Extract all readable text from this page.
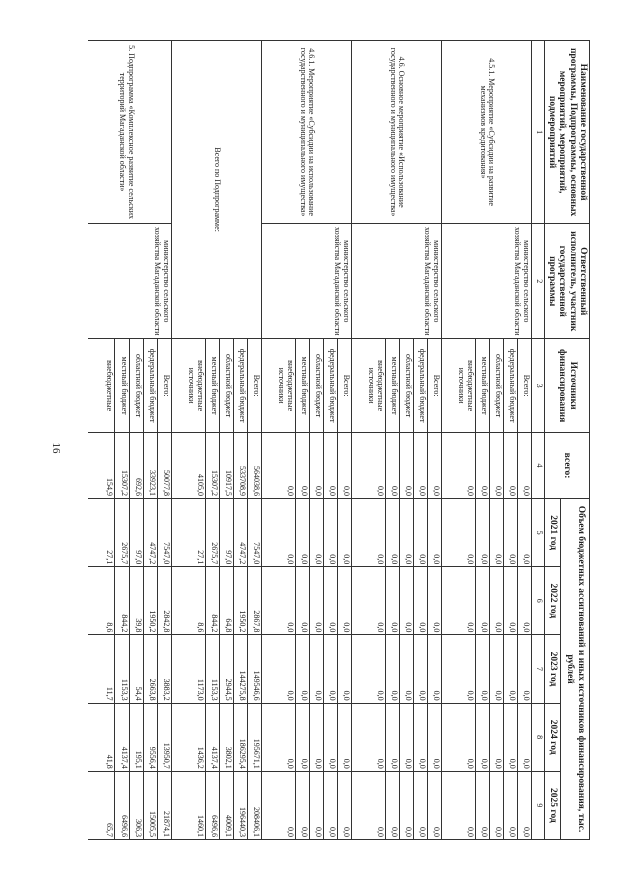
16
Наименование государственной программы, Подпрограммы, основных мероприятий, мероприятий, подмероприятий	Ответственный исполнитель, участник государственной программы	Источники финансирования	всего:	Объем бюджетных ассигнований и иных источников финансирования, тыс. рублей				
				2021 год	2022 год	2023 год	2024 год	2025 год
1	2	3	4	5	6	7	8	9
4.5.1. Мероприятие «Субсидии на развитие механизмов кредитования»	министерство сельского хозяйства Магаданской области	Всего:	0,0	0,0	0,0	0,0	0,0	0,0
		федеральный бюджет	0,0	0,0	0,0	0,0	0,0	0,0
		областной бюджет	0,0	0,0	0,0	0,0	0,0	0,0
		местный бюджет	0,0	0,0	0,0	0,0	0,0	0,0
		внебюджетные источники	0,0	0,0	0,0	0,0	0,0	0,0
4.6. Основное мероприятие «Использование государственного и муниципального имущества»	министерство сельского хозяйства Магаданской области	Всего:	0,0	0,0	0,0	0,0	0,0	0,0
		федеральный бюджет	0,0	0,0	0,0	0,0	0,0	0,0
		областной бюджет	0,0	0,0	0,0	0,0	0,0	0,0
		местный бюджет	0,0	0,0	0,0	0,0	0,0	0,0
		внебюджетные источники	0,0	0,0	0,0	0,0	0,0	0,0
4.6.1. Мероприятие «Субсидии на использование государственного и муниципального имущества»	министерство сельского хозяйства Магаданской области	Всего:	0,0	0,0	0,0	0,0	0,0	0,0
		федеральный бюджет	0,0	0,0	0,0	0,0	0,0	0,0
		областной бюджет	0,0	0,0	0,0	0,0	0,0	0,0
		местный бюджет	0,0	0,0	0,0	0,0	0,0	0,0
		внебюджетные источники	0,0	0,0	0,0	0,0	0,0	0,0
Всего по Подпрограмме:		Всего:	564038,6	7547,0	2867,8	149546,6	195671,1	208406,1
		федеральный бюджет	533708,9	4747,2	1950,2	144275,8	186295,4	196440,3
		областной бюджет	10917,5	97,0	64,8	2944,5	3802,1	4009,1
		местный бюджет	15307,2	2675,7	844,2	1153,3	4137,4	6496,6
		внебюджетные источники	4105,0	27,1	8,6	1173,0	1436,2	1460,1
5. Подпрограмма «Комплексное развитие сельских территорий Магаданской области»	министерство сельского хозяйства Магаданской области	Всего:	50077,8	7547,0	2842,8	3883,2	13950,7	21874,1
		федеральный бюджет	33923,1	4747,2	1950,2	2663,8	9556,4	15005,5
		областной бюджет	692,6	97,0	39,8	54,4	195,1	306,3
		местный бюджет	15307,2	2675,7	844,2	1153,3	4137,4	6496,6
		внебюджетные	154,9	27,1	8,6	11,7	41,8	65,7
